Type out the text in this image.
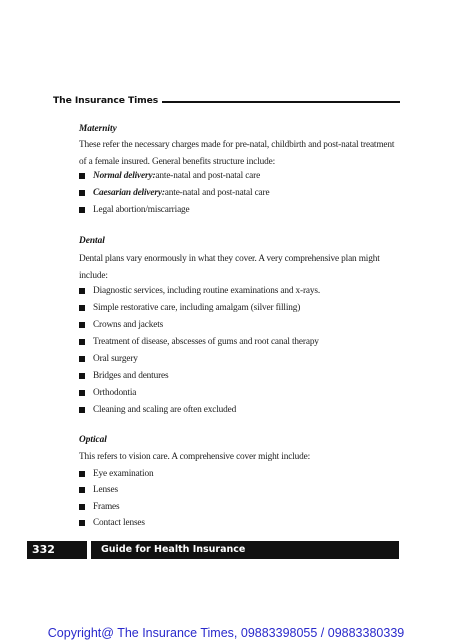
The Insurance Times
Maternity
These refer the necessary charges made for pre-natal, childbirth and post-natal treatment
of a female insured. General benefits structure include:
Normal delivery: ante-natal and post-natal care
Caesarian delivery: ante-natal and post-natal care
Legal abortion/miscarriage
Dental
Dental plans vary enormously in what they cover. A very comprehensive plan might
include:
Diagnostic services, including routine examinations and x-rays.
Simple restorative care, including amalgam (silver filling)
Crowns and jackets
Treatment of disease, abscesses of gums and root canal therapy
Oral surgery
Bridges and dentures
Orthodontia
Cleaning and scaling are often excluded
Optical
This refers to vision care. A comprehensive cover might include:
Eye examination
Lenses
Frames
Contact lenses
332	Guide for Health Insurance
Copyright@ The Insurance Times, 09883398055 / 09883380339
